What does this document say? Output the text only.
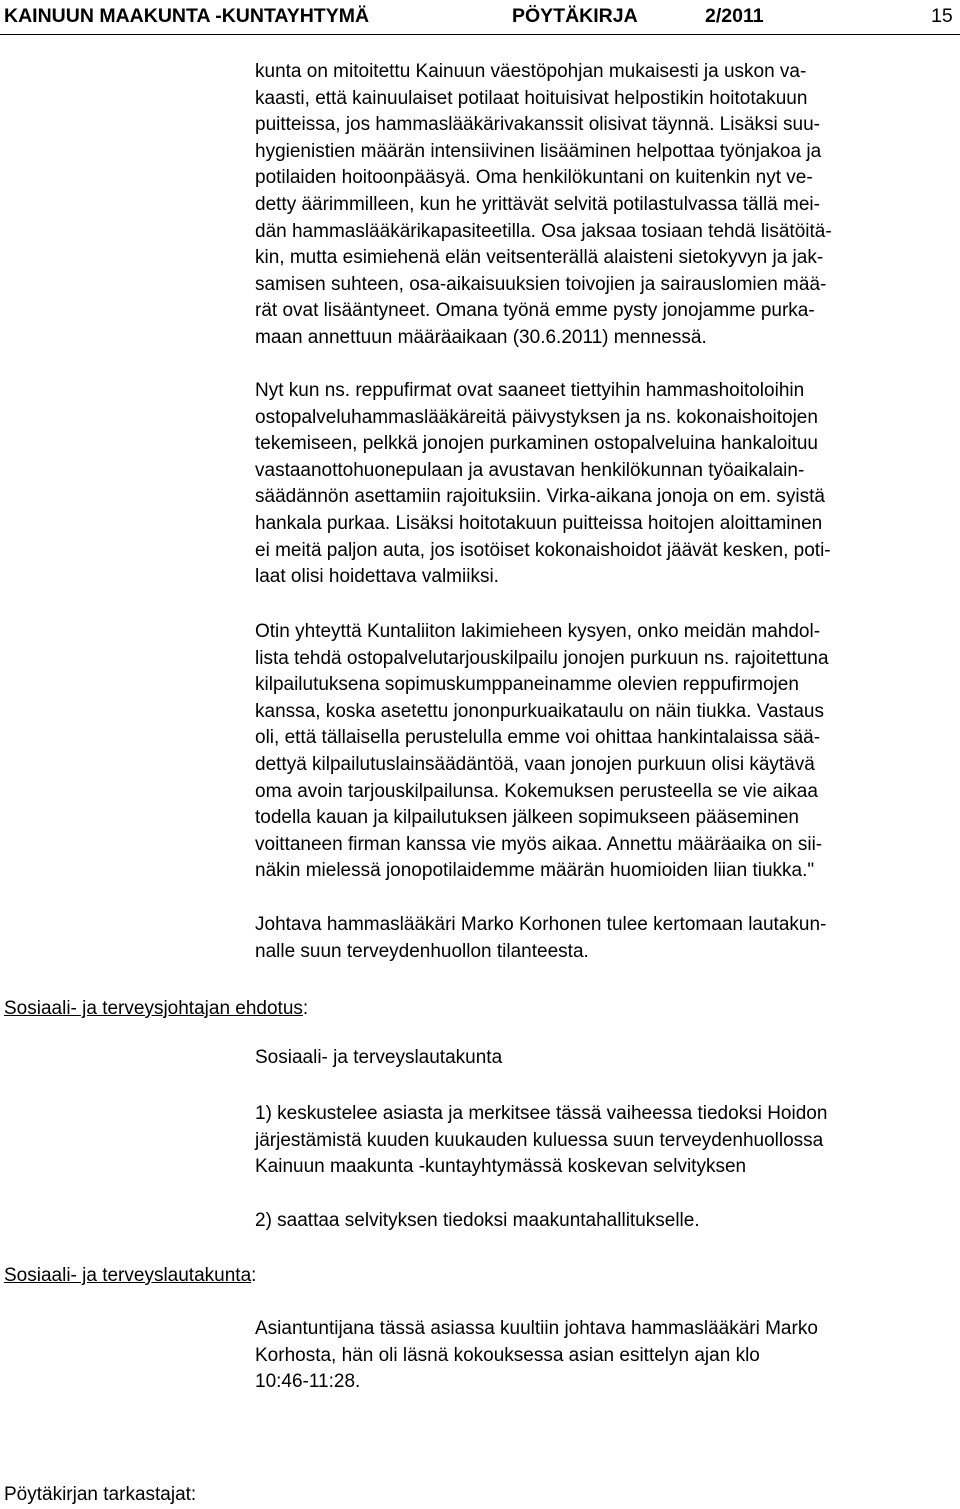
KAINUUN MAAKUNTA -KUNTAYHTYMÄ	PÖYTÄKIRJA	2/2011	15

kunta on mitoitettu Kainuun väestöpohjan mukaisesti ja uskon va-
kaasti, että kainuulaiset potilaat hoituisivat helpostikin hoitotakuun
puitteissa, jos hammaslääkärivakanssit olisivat täynnä. Lisäksi suu-
hygienistien määrän intensiivinen lisääminen helpottaa työnjakoa ja
potilaiden hoitoonpääsyä. Oma henkilökuntani on kuitenkin nyt ve-
detty äärimmilleen, kun he yrittävät selvitä potilastulvassa tällä mei-
dän hammaslääkärikapasiteetilla. Osa jaksaa tosiaan tehdä lisätöitä-
kin, mutta esimiehenä elän veitsenterällä alaisteni sietokyvyn ja jak-
samisen suhteen, osa-aikaisuuksien toivojien ja sairauslomien mää-
rät ovat lisääntyneet. Omana työnä emme pysty jonojamme purka-
maan annettuun määräaikaan (30.6.2011) mennessä.

Nyt kun ns. reppufirmat ovat saaneet tiettyihin hammashoitoloihin
ostopalveluhammaslääkäreitä päivystyksen ja ns. kokonaishoitojen
tekemiseen, pelkkä jonojen purkaminen ostopalveluina hankaloituu
vastaanottohuonepulaan ja avustavan henkilökunnan työaikalain-
säädännön asettamiin rajoituksiin. Virka-aikana jonoja on em. syistä
hankala purkaa. Lisäksi hoitotakuun puitteissa hoitojen aloittaminen
ei meitä paljon auta, jos isotöiset kokonaishoidot jäävät kesken, poti-
laat olisi hoidettava valmiiksi.

Otin yhteyttä Kuntaliiton lakimieheen kysyen, onko meidän mahdol-
lista tehdä ostopalvelutarjouskilpailu jonojen purkuun ns. rajoitettuna
kilpailutuksena sopimuskumppaneinamme olevien reppufirmojen
kanssa, koska asetettu jononpurkuaikataulu on näin tiukka. Vastaus
oli, että tällaisella perustelulla emme voi ohittaa hankintalaissa sää-
dettyä kilpailutuslainsäädäntöä, vaan jonojen purkuun olisi käytävä
oma avoin tarjouskilpailunsa. Kokemuksen perusteella se vie aikaa
todella kauan ja kilpailutuksen jälkeen sopimukseen pääseminen
voittaneen firman kanssa vie myös aikaa. Annettu määräaika on sii-
näkin mielessä jonopotilaidemme määrän huomioiden liian tiukka."

Johtava hammaslääkäri Marko Korhonen tulee kertomaan lautakun-
nalle suun terveydenhuollon tilanteesta.

Sosiaali- ja terveysjohtajan ehdotus:

Sosiaali- ja terveyslautakunta

1) keskustelee asiasta ja merkitsee tässä vaiheessa tiedoksi Hoidon
järjestämistä kuuden kuukauden kuluessa suun terveydenhuollossa
Kainuun maakunta -kuntayhtymässä koskevan selvityksen

2) saattaa selvityksen tiedoksi maakuntahallitukselle.

Sosiaali- ja terveyslautakunta:

Asiantuntijana tässä asiassa kuultiin johtava hammaslääkäri Marko
Korhosta, hän oli läsnä kokouksessa asian esittelyn ajan klo
10:46-11:28.

Pöytäkirjan tarkastajat:
